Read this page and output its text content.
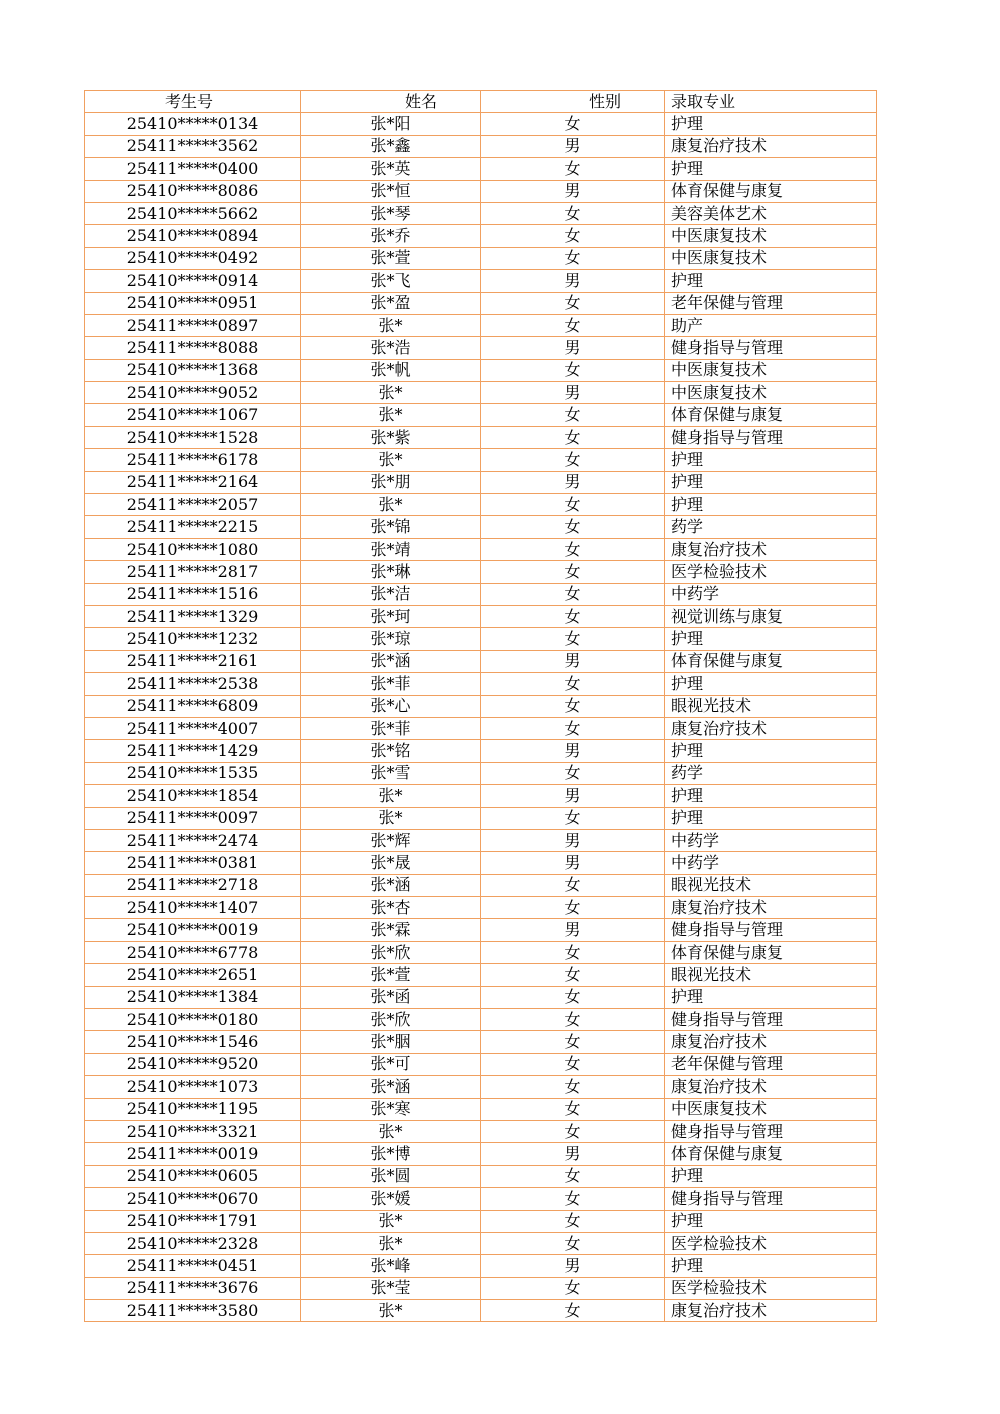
考生号	姓名	性别	录取专业
25410*****0134	张*阳	女	护理
25411*****3562	张*鑫	男	康复治疗技术
25411*****0400	张*英	女	护理
25410*****8086	张*恒	男	体育保健与康复
25410*****5662	张*琴	女	美容美体艺术
25410*****0894	张*乔	女	中医康复技术
25410*****0492	张*萱	女	中医康复技术
25410*****0914	张*飞	男	护理
25410*****0951	张*盈	女	老年保健与管理
25411*****0897	张*	女	助产
25411*****8088	张*浩	男	健身指导与管理
25410*****1368	张*帆	女	中医康复技术
25410*****9052	张*	男	中医康复技术
25410*****1067	张*	女	体育保健与康复
25410*****1528	张*紫	女	健身指导与管理
25411*****6178	张*	女	护理
25411*****2164	张*朋	男	护理
25411*****2057	张*	女	护理
25411*****2215	张*锦	女	药学
25410*****1080	张*靖	女	康复治疗技术
25411*****2817	张*琳	女	医学检验技术
25411*****1516	张*洁	女	中药学
25411*****1329	张*珂	女	视觉训练与康复
25410*****1232	张*琼	女	护理
25411*****2161	张*涵	男	体育保健与康复
25411*****2538	张*菲	女	护理
25411*****6809	张*心	女	眼视光技术
25411*****4007	张*菲	女	康复治疗技术
25411*****1429	张*铭	男	护理
25410*****1535	张*雪	女	药学
25410*****1854	张*	男	护理
25411*****0097	张*	女	护理
25411*****2474	张*辉	男	中药学
25411*****0381	张*晟	男	中药学
25411*****2718	张*涵	女	眼视光技术
25410*****1407	张*杏	女	康复治疗技术
25410*****0019	张*霖	男	健身指导与管理
25410*****6778	张*欣	女	体育保健与康复
25410*****2651	张*萱	女	眼视光技术
25410*****1384	张*函	女	护理
25410*****0180	张*欣	女	健身指导与管理
25410*****1546	张*胭	女	康复治疗技术
25410*****9520	张*可	女	老年保健与管理
25410*****1073	张*涵	女	康复治疗技术
25410*****1195	张*寒	女	中医康复技术
25410*****3321	张*	女	健身指导与管理
25411*****0019	张*博	男	体育保健与康复
25410*****0605	张*圆	女	护理
25410*****0670	张*媛	女	健身指导与管理
25410*****1791	张*	女	护理
25410*****2328	张*	女	医学检验技术
25411*****0451	张*峰	男	护理
25411*****3676	张*莹	女	医学检验技术
25411*****3580	张*	女	康复治疗技术
